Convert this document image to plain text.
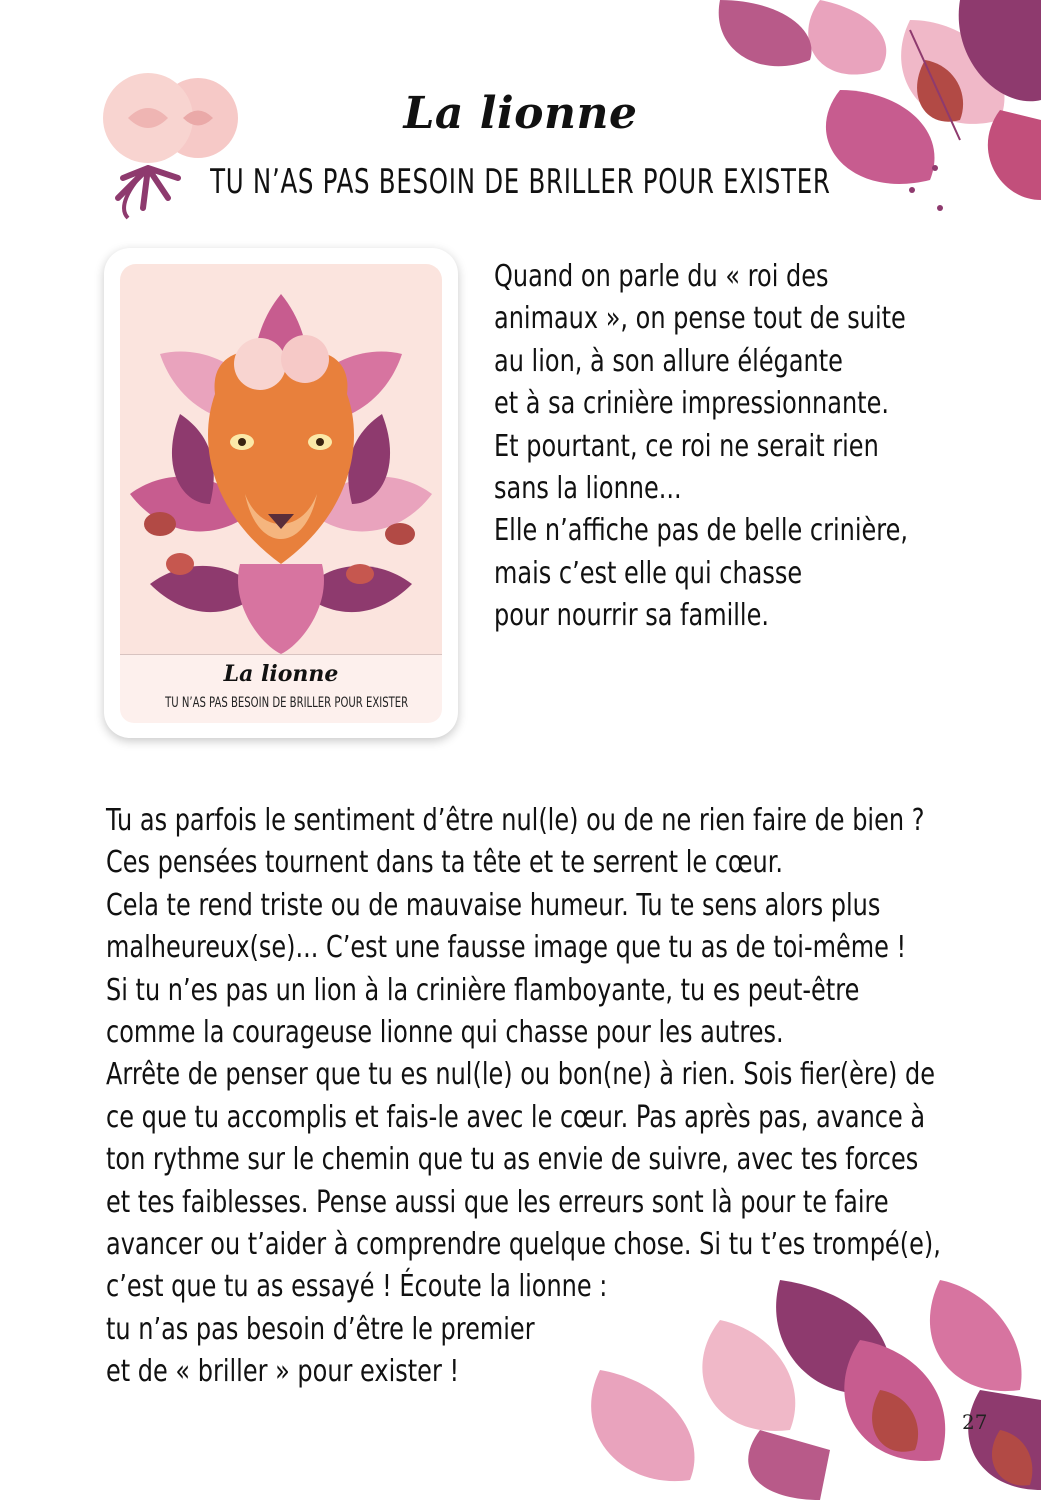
La lionne
TU N’AS PAS BESOIN DE BRILLER POUR EXISTER
La lionne
TU N’AS PAS BESOIN DE BRILLER POUR EXISTER
Quand on parle du « roi des
animaux », on pense tout de suite
au lion, à son allure élégante
et à sa crinière impressionnante.
Et pourtant, ce roi ne serait rien
sans la lionne...
Elle n’affiche pas de belle crinière,
mais c’est elle qui chasse
pour nourrir sa famille.
Tu as parfois le sentiment d’être nul(le) ou de ne rien faire de bien ?
Ces pensées tournent dans ta tête et te serrent le cœur.
Cela te rend triste ou de mauvaise humeur. Tu te sens alors plus
malheureux(se)... C’est une fausse image que tu as de toi-même !
Si tu n’es pas un lion à la crinière flamboyante, tu es peut-être
comme la courageuse lionne qui chasse pour les autres.
Arrête de penser que tu es nul(le) ou bon(ne) à rien. Sois fier(ère) de
ce que tu accomplis et fais-le avec le cœur. Pas après pas, avance à
ton rythme sur le chemin que tu as envie de suivre, avec tes forces
et tes faiblesses. Pense aussi que les erreurs sont là pour te faire
avancer ou t’aider à comprendre quelque chose. Si tu t’es trompé(e),
c’est que tu as essayé ! Écoute la lionne :
tu n’as pas besoin d’être le premier
et de « briller » pour exister !
27
